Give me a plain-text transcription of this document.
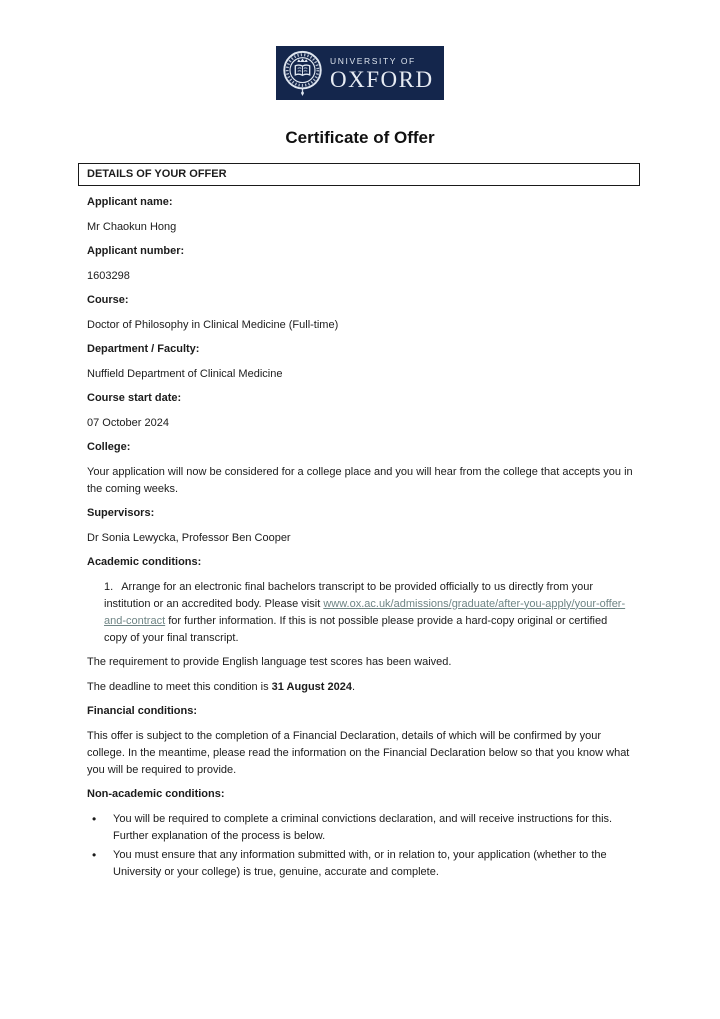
UNIVERSITY OF
OXFORD
Certificate of Offer
DETAILS OF YOUR OFFER

Applicant name:

Mr Chaokun Hong

Applicant number:

1603298

Course:

Doctor of Philosophy in Clinical Medicine (Full-time)

Department / Faculty:

Nuffield Department of Clinical Medicine

Course start date:

07 October 2024

College:

Your application will now be considered for a college place and you will hear from the college that accepts you in the coming weeks.

Supervisors:

Dr Sonia Lewycka, Professor Ben Cooper

Academic conditions:

1. Arrange for an electronic final bachelors transcript to be provided officially to us directly from your institution or an accredited body. Please visit www.ox.ac.uk/admissions/graduate/after-you-apply/your-offer-and-contract for further information. If this is not possible please provide a hard-copy original or certified copy of your final transcript.

The requirement to provide English language test scores has been waived.

The deadline to meet this condition is 31 August 2024.

Financial conditions:

This offer is subject to the completion of a Financial Declaration, details of which will be confirmed by your college. In the meantime, please read the information on the Financial Declaration below so that you know what you will be required to provide.

Non-academic conditions:

• You will be required to complete a criminal convictions declaration, and will receive instructions for this. Further explanation of the process is below.
• You must ensure that any information submitted with, or in relation to, your application (whether to the University or your college) is true, genuine, accurate and complete.
